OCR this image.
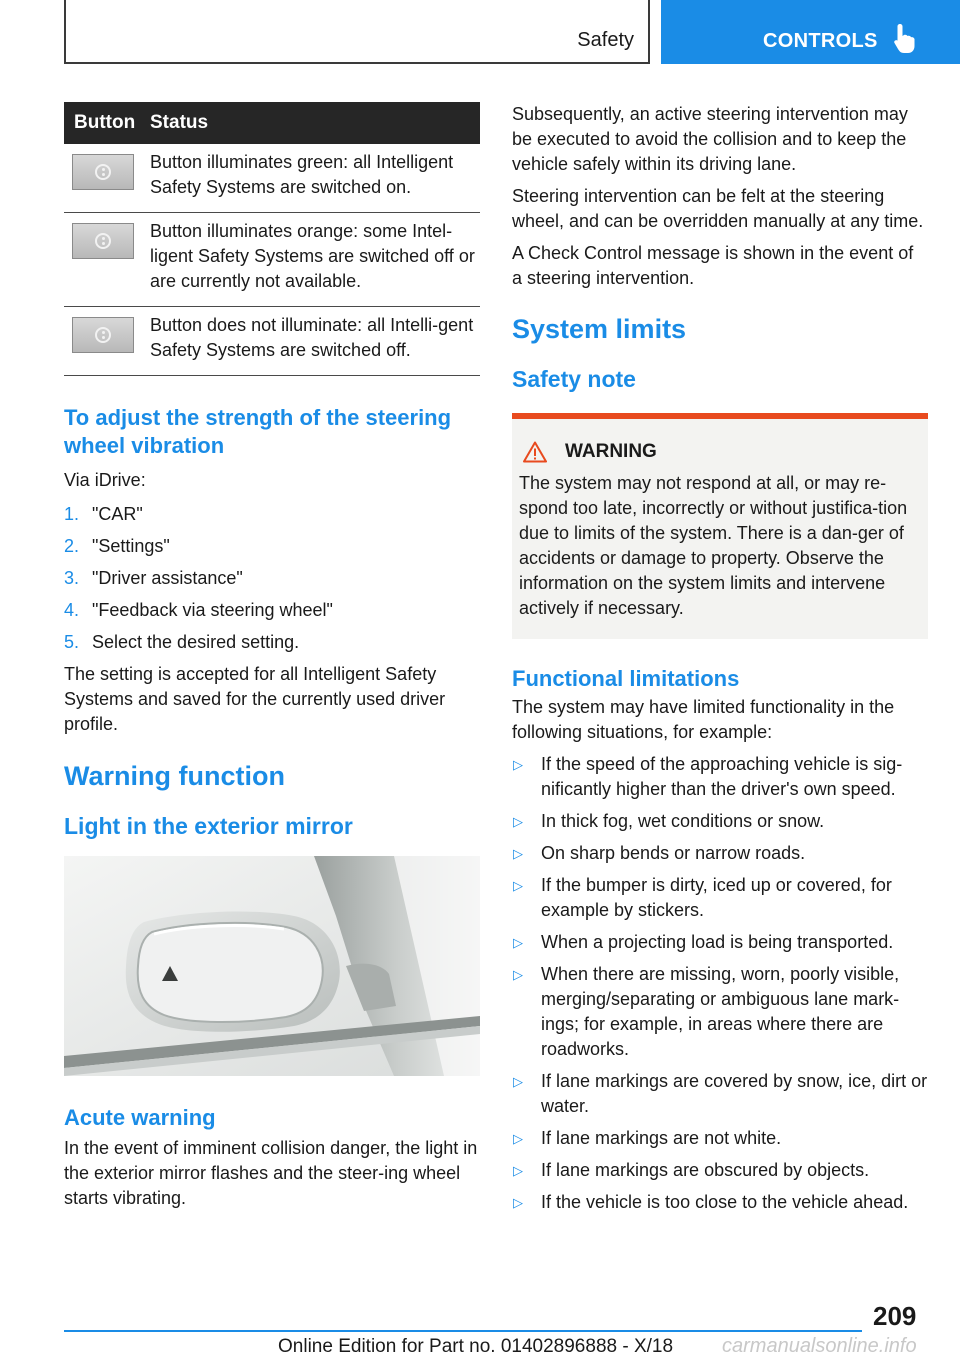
Safety	CONTROLS
Button	Status

	Button illuminates green: all Intelligent Safety Systems are switched on.

	Button illuminates orange: some Intel-ligent Safety Systems are switched off or are currently not available.

	Button does not illuminate: all Intelli-gent Safety Systems are switched off.
To adjust the strength of the steering wheel vibration

Via iDrive:

1. "CAR"
2. "Settings"
3. "Driver assistance"
4. "Feedback via steering wheel"
5. Select the desired setting.

The setting is accepted for all Intelligent Safety Systems and saved for the currently used driver profile.

Warning function
Light in the exterior mirror
Acute warning

In the event of imminent collision danger, the light in the exterior mirror flashes and the steer-ing wheel starts vibrating.

Subsequently, an active steering intervention may be executed to avoid the collision and to keep the vehicle safely within its driving lane.

Steering intervention can be felt at the steering wheel, and can be overridden manually at any time.

A Check Control message is shown in the event of a steering intervention.

System limits
Safety note
WARNING

The system may not respond at all, or may re-spond too late, incorrectly or without justifica-tion due to limits of the system. There is a dan-ger of accidents or damage to property. Observe the information on the system limits and intervene actively if necessary.

Functional limitations

The system may have limited functionality in the following situations, for example:

▷	If the speed of the approaching vehicle is sig-nificantly higher than the driver's own speed.
▷	In thick fog, wet conditions or snow.
▷	On sharp bends or narrow roads.
▷	If the bumper is dirty, iced up or covered, for example by stickers.
▷	When a projecting load is being transported.
▷	When there are missing, worn, poorly visible, merging/separating or ambiguous lane mark-ings; for example, in areas where there are roadworks.
▷	If lane markings are covered by snow, ice, dirt or water.
▷	If lane markings are not white.
▷	If lane markings are obscured by objects.
▷	If the vehicle is too close to the vehicle ahead.
209
Online Edition for Part no. 01402896888 - X/18 carmanualsonline.info
